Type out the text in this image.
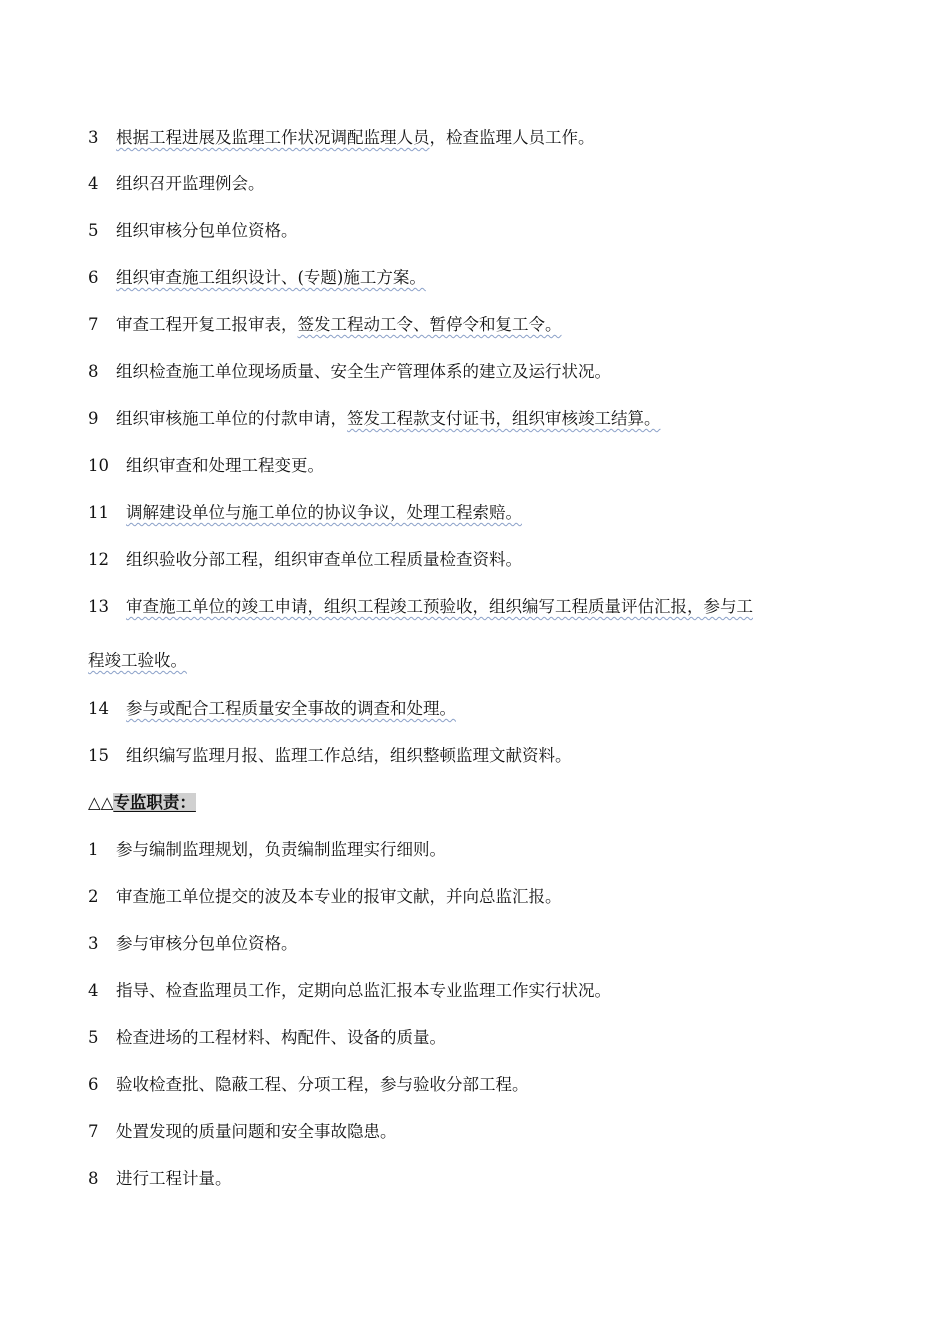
3 根据工程进展及监理工作状况调配监理人员，检查监理人员工作。
4 组织召开监理例会。
5 组织审核分包单位资格。
6 组织审查施工组织设计、(专题)施工方案。
7 审查工程开复工报审表，签发工程动工令、暂停令和复工令。
8 组织检查施工单位现场质量、安全生产管理体系的建立及运行状况。
9 组织审核施工单位的付款申请，签发工程款支付证书，组织审核竣工结算。
10 组织审查和处理工程变更。
11 调解建设单位与施工单位的协议争议，处理工程索赔。
12 组织验收分部工程，组织审查单位工程质量检查资料。
13 审查施工单位的竣工申请，组织工程竣工预验收，组织编写工程质量评估汇报，参与工
程竣工验收。
14 参与或配合工程质量安全事故的调查和处理。
15 组织编写监理月报、监理工作总结，组织整顿监理文献资料。
△△专监职责：
1 参与编制监理规划，负责编制监理实行细则。
2 审查施工单位提交的波及本专业的报审文献，并向总监汇报。
3 参与审核分包单位资格。
4 指导、检查监理员工作，定期向总监汇报本专业监理工作实行状况。
5 检查进场的工程材料、构配件、设备的质量。
6 验收检查批、隐蔽工程、分项工程，参与验收分部工程。
7 处置发现的质量问题和安全事故隐患。
8 进行工程计量。
